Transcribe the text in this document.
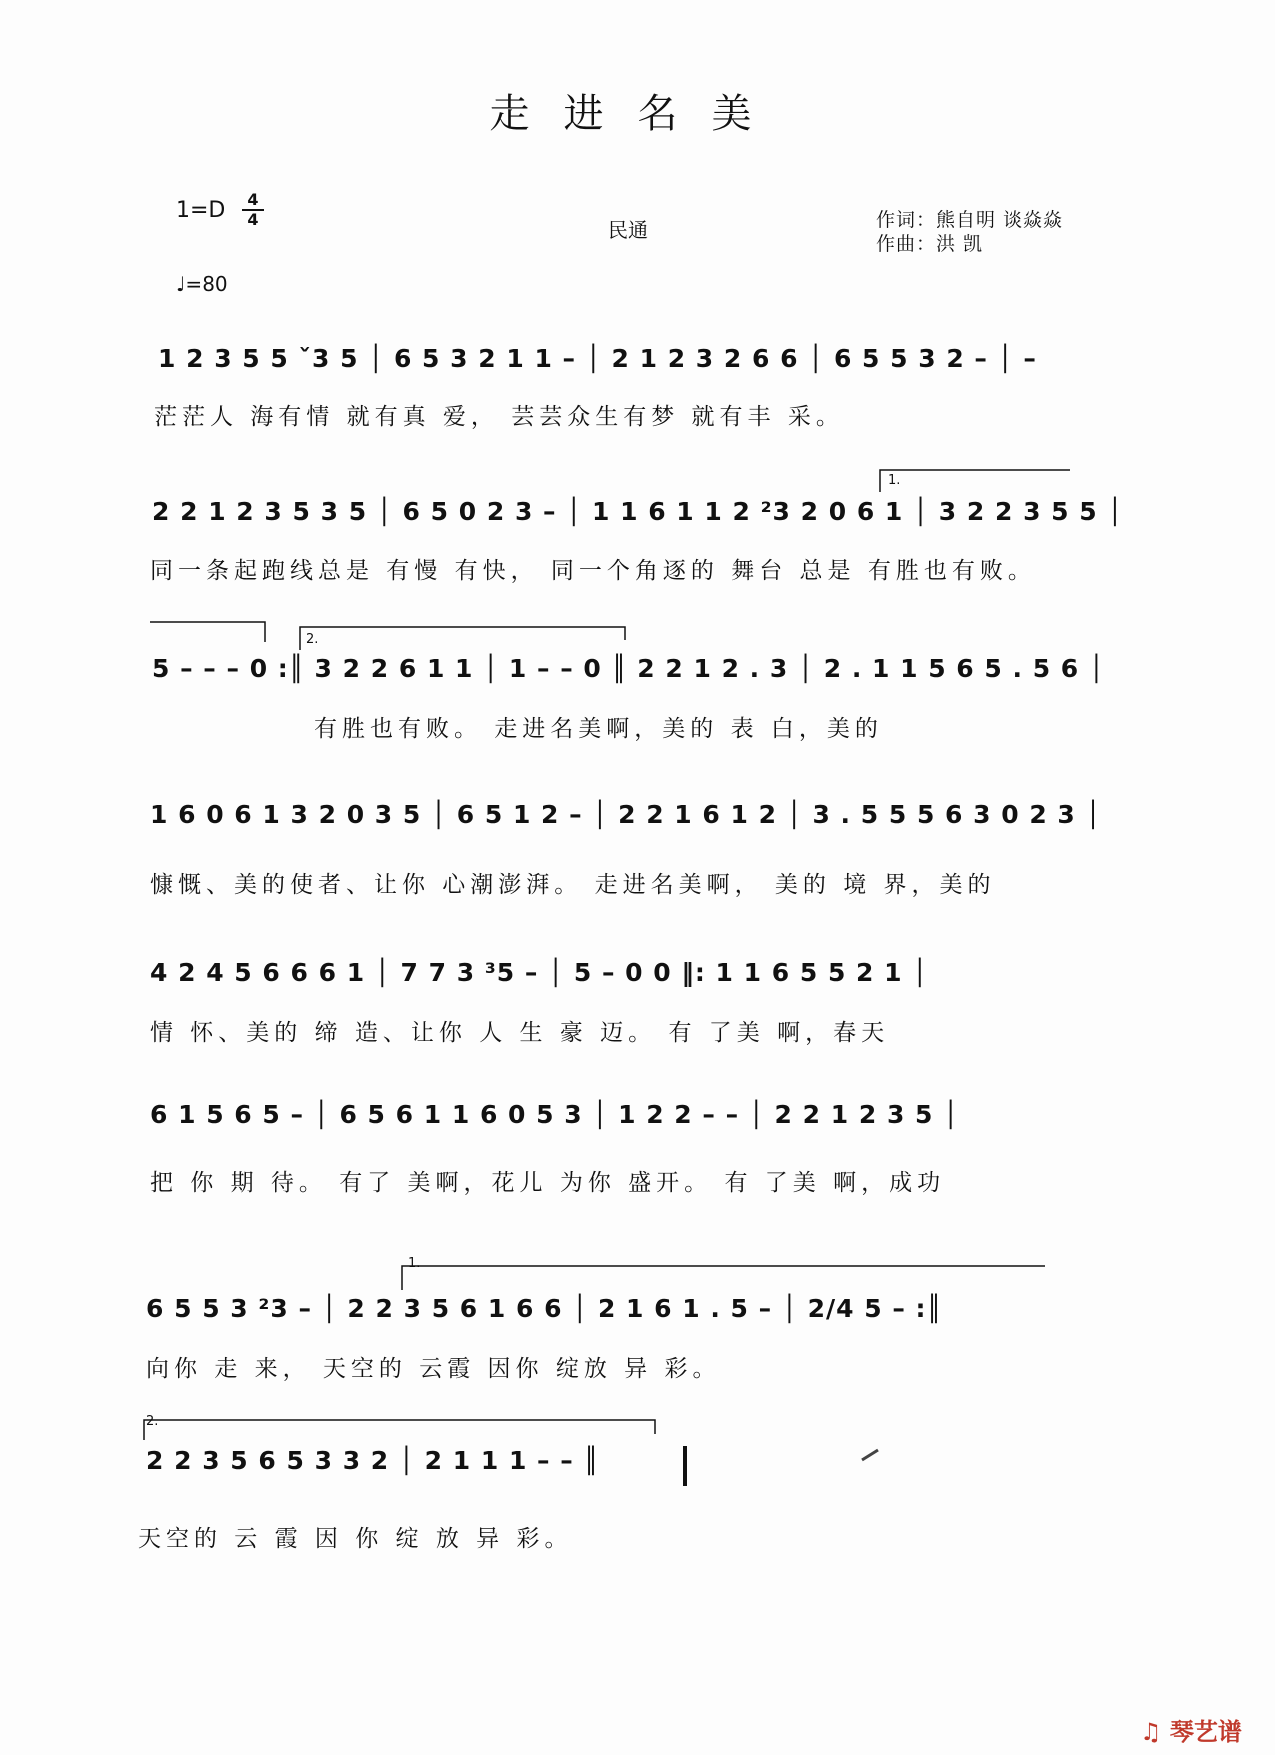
走进名美
1=D	4
4
♩=80
民通	作词：熊自明 谈焱焱
作曲：洪 凯
1 2 3 5 5 ˇ3 5 │ 6 5 3 2 1 1 – │ 2 1 2 3 2 6 6 │ 6 5 5 3 2 – │ –
茫茫人 海有情 就有真 爱， 芸芸众生有梦 就有丰 采。
1.
2 2 1 2 3 5 3 5 │ 6 5 0 2 3 – │ 1 1 6 1 1 2 ²3 2 0 6 1 │ 3 2 2 3 5 5 │
同一条起跑线总是 有慢 有快， 同一个角逐的 舞台 总是 有胜也有败。
2.
5 – – – 0 :║ 3 2 2 6 1 1 │ 1 – – 0 ║ 2 2 1 2 . 3 │ 2 . 1 1 5 6 5 . 5 6 │
有胜也有败。 走进名美啊，美的 表 白，美的
1 6 0 6 1 3 2 0 3 5 │ 6 5 1 2 – │ 2 2 1 6 1 2 │ 3 . 5 5 5 6 3 0 2 3 │
慷慨、美的使者、让你 心潮澎湃。 走进名美啊， 美的 境 界，美的
4 2 4 5 6 6 6 1 │ 7 7 3 ³5 – │ 5 – 0 0 ‖: 1 1 6 5 5 2 1 │
情 怀、美的 缔 造、让你 人 生 豪 迈。 有 了美 啊，春天
6 1 5 6 5 – │ 6 5 6 1 1 6 0 5 3 │ 1 2 2 – – │ 2 2 1 2 3 5 │
把 你 期 待。 有了 美啊，花儿 为你 盛开。 有 了美 啊，成功
1.
6 5 5 3 ²3 – │ 2 2 3 5 6 1 6 6 │ 2 1 6 1 . 5 – │ 2/4 5 – :║
向你 走 来， 天空的 云霞 因你 绽放 异 彩。
2.
2 2 3 5 6 5 3 3 2 │ 2 1 1 1 – – ║
天空的 云 霞 因 你 绽 放 异 彩。
♫ 琴艺谱
